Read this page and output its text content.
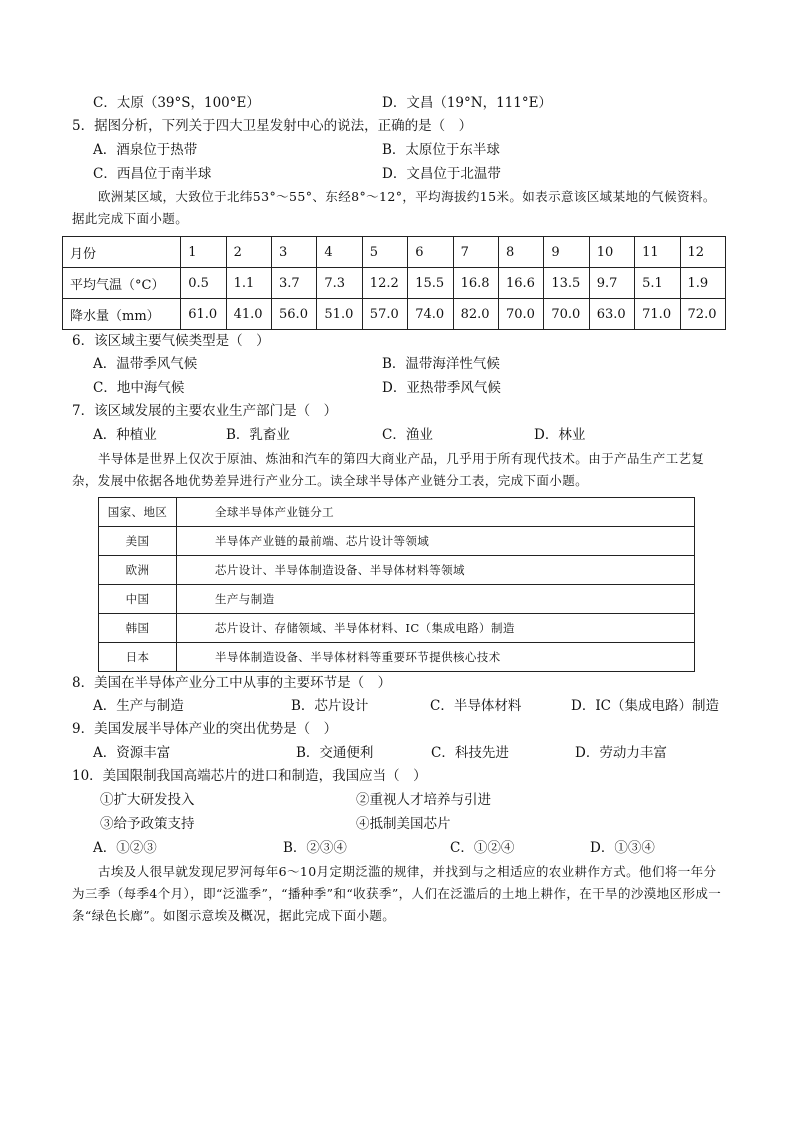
C．太原（39°S，100°E）	D．文昌（19°N，111°E）
5．据图分析，下列关于四大卫星发射中心的说法，正确的是（　）
A．酒泉位于热带	B．太原位于东半球
C．西昌位于南半球	D．文昌位于北温带
欧洲某区域，大致位于北纬53°～55°、东经8°～12°，平均海拔约15米。如表示意该区域某地的气候资料。据此完成下面小题。
月份	1	2	3	4	5	6	7	8	9	10	11	12
平均气温（°C）	0.5	1.1	3.7	7.3	12.2	15.5	16.8	16.6	13.5	9.7	5.1	1.9
降水量（mm）	61.0	41.0	56.0	51.0	57.0	74.0	82.0	70.0	70.0	63.0	71.0	72.0
6．该区域主要气候类型是（　）
A．温带季风气候	B．温带海洋性气候
C．地中海气候	D．亚热带季风气候
7．该区域发展的主要农业生产部门是（　）
A．种植业	B．乳畜业	C．渔业	D．林业
半导体是世界上仅次于原油、炼油和汽车的第四大商业产品，几乎用于所有现代技术。由于产品生产工艺复杂，发展中依据各地优势差异进行产业分工。读全球半导体产业链分工表，完成下面小题。
国家、地区	全球半导体产业链分工
美国	半导体产业链的最前端、芯片设计等领域
欧洲	芯片设计、半导体制造设备、半导体材料等领域
中国	生产与制造
韩国	芯片设计、存储领域、半导体材料、IC（集成电路）制造
日本	半导体制造设备、半导体材料等重要环节提供核心技术
8．美国在半导体产业分工中从事的主要环节是（　）
A．生产与制造	B．芯片设计	C．半导体材料	D．IC（集成电路）制造
9．美国发展半导体产业的突出优势是（　）
A．资源丰富	B．交通便利	C．科技先进	D．劳动力丰富
10．美国限制我国高端芯片的进口和制造，我国应当（　）
①扩大研发投入	②重视人才培养与引进
③给予政策支持	④抵制美国芯片
A．①②③	B．②③④	C．①②④	D．①③④
古埃及人很早就发现尼罗河每年6～10月定期泛滥的规律，并找到与之相适应的农业耕作方式。他们将一年分为三季（每季4个月），即“泛滥季”，“播种季”和“收获季”，人们在泛滥后的土地上耕作，在干旱的沙漠地区形成一条“绿色长廊”。如图示意埃及概况，据此完成下面小题。
